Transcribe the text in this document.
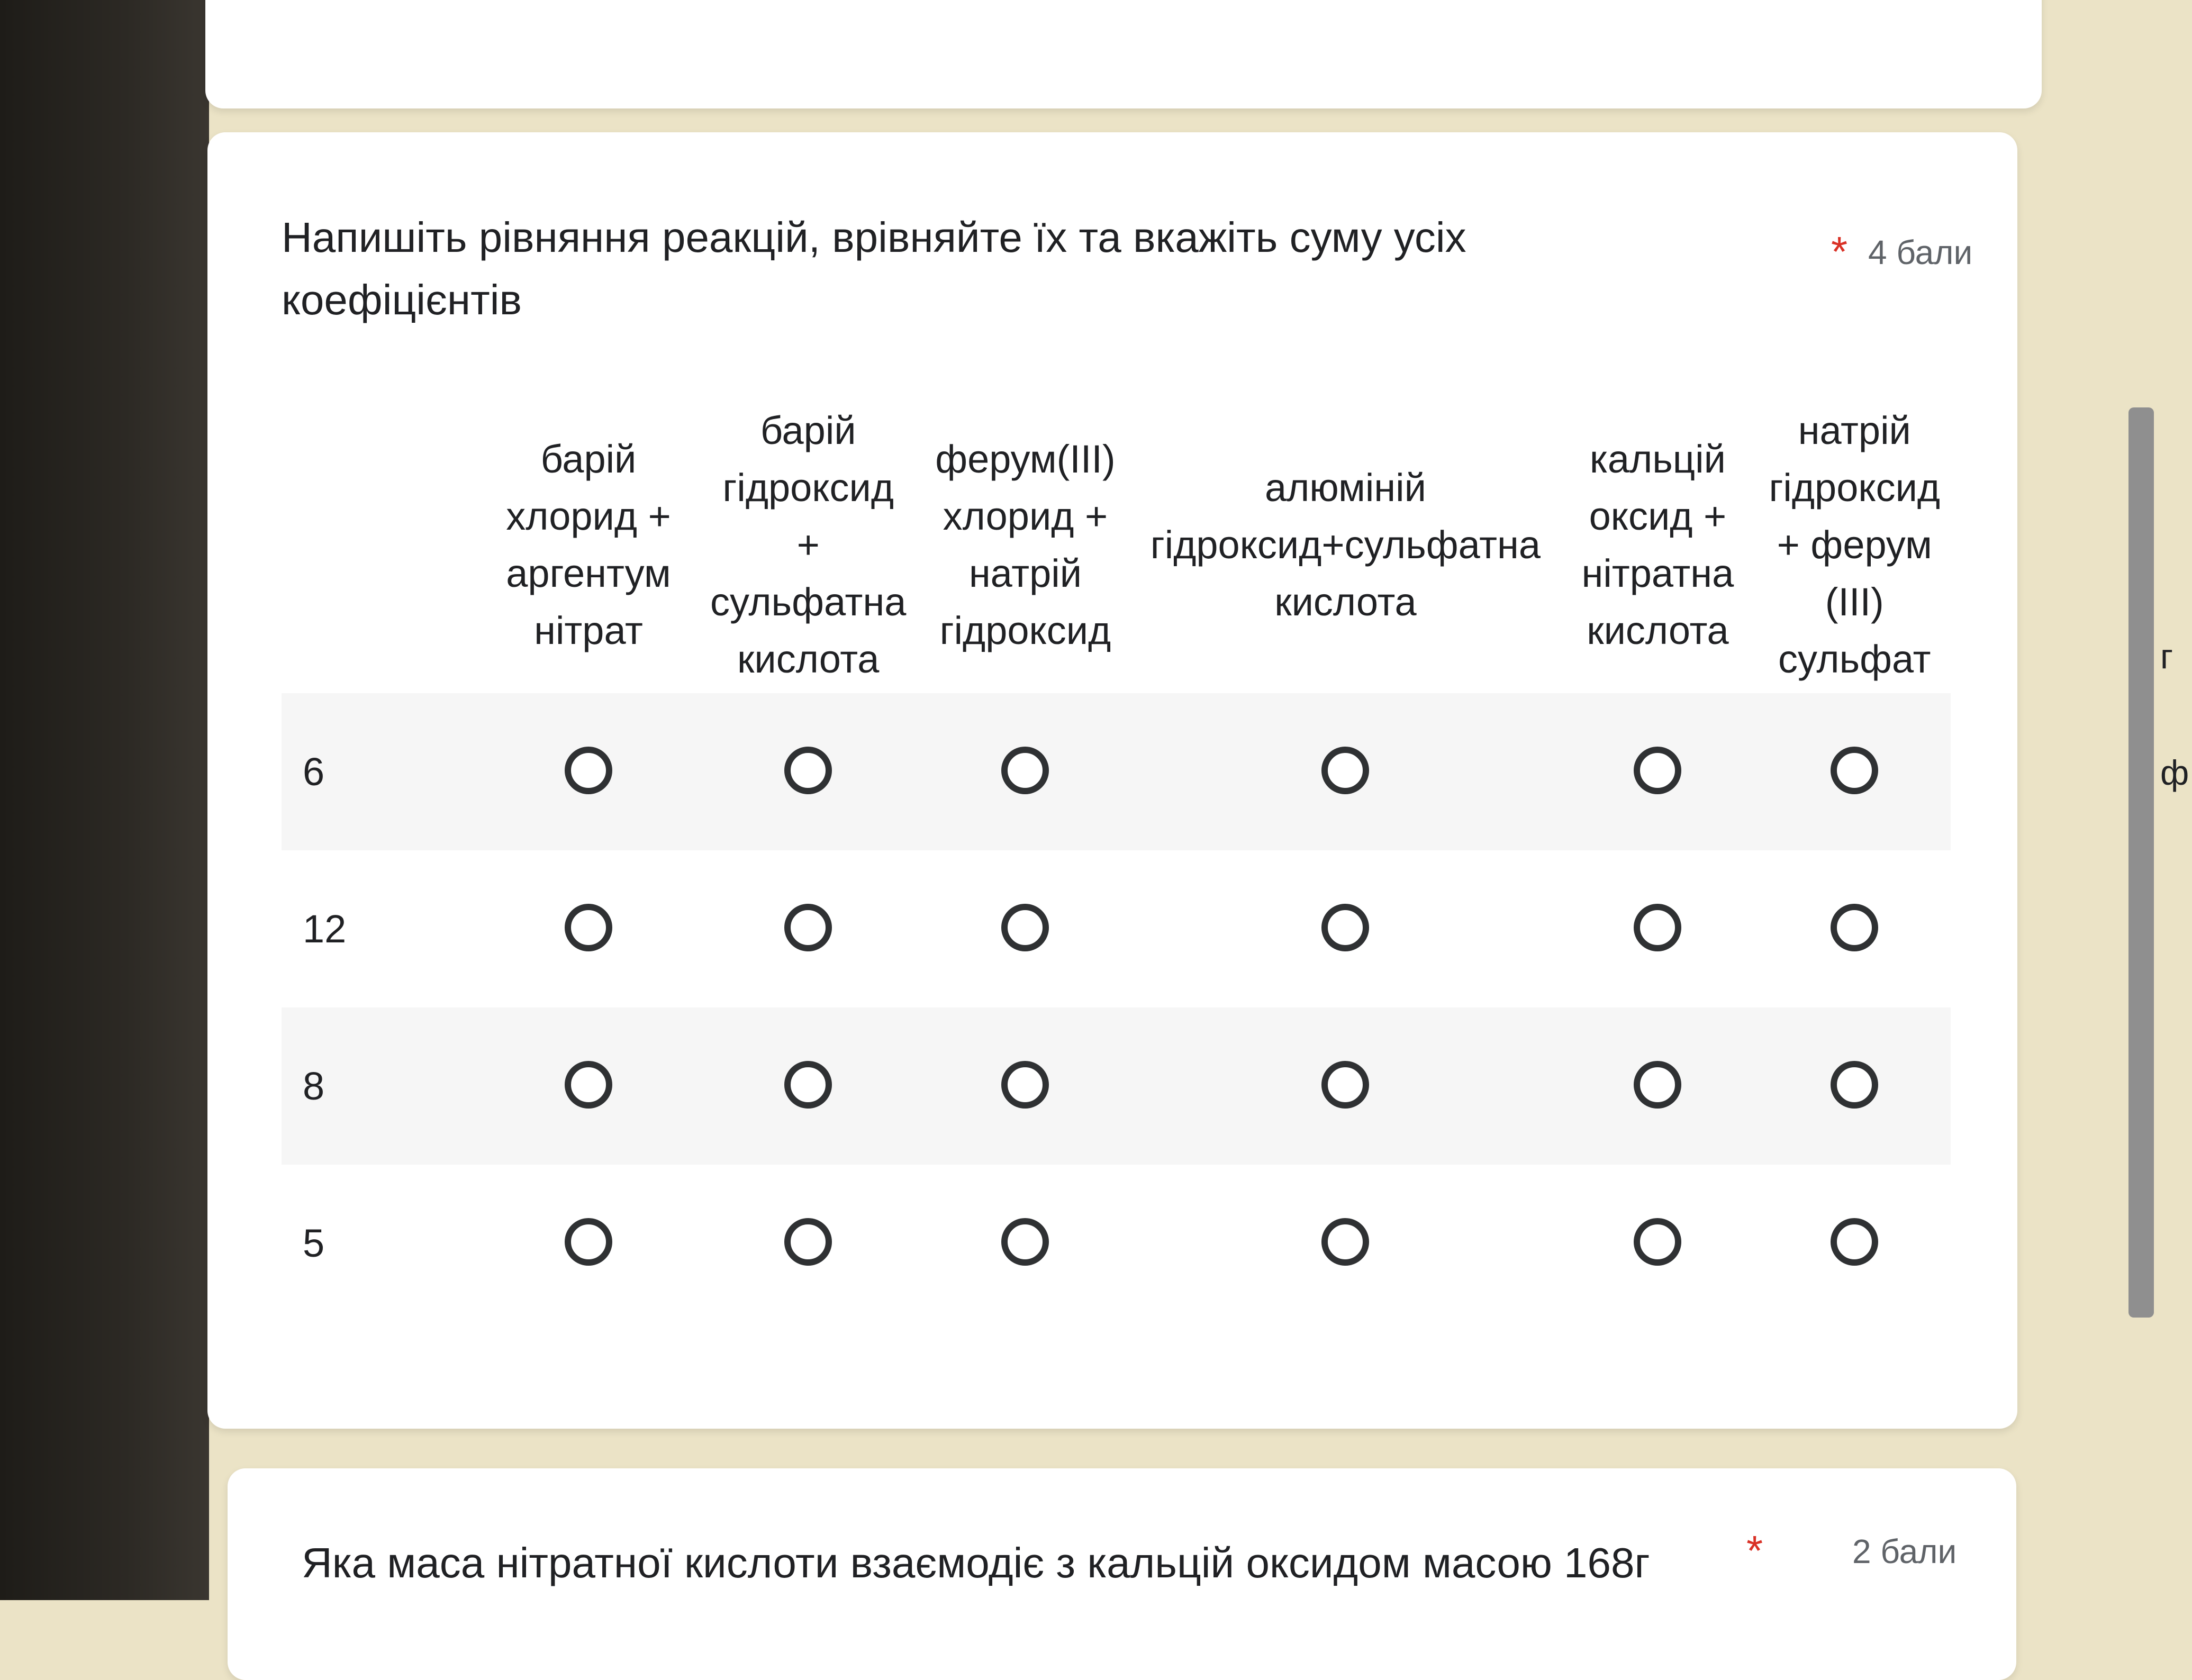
Напишіть рівняння реакцій, врівняйте їх та вкажіть суму усіх коефіцієнтів
* 4 бали
	барій хлорид + аргентум нітрат	барій гідроксид + сульфатна кислота	ферум(III) хлорид + натрій гідроксид	алюміній гідроксид+сульфатна кислота	кальцій оксид + нітратна кислота	натрій гідроксид + ферум (III) сульфат
6						
12						
8						
5						
г
ф
Яка маса нітратної кислоти взаємодіє з кальцій оксидом масою 168г	*	2 бали
